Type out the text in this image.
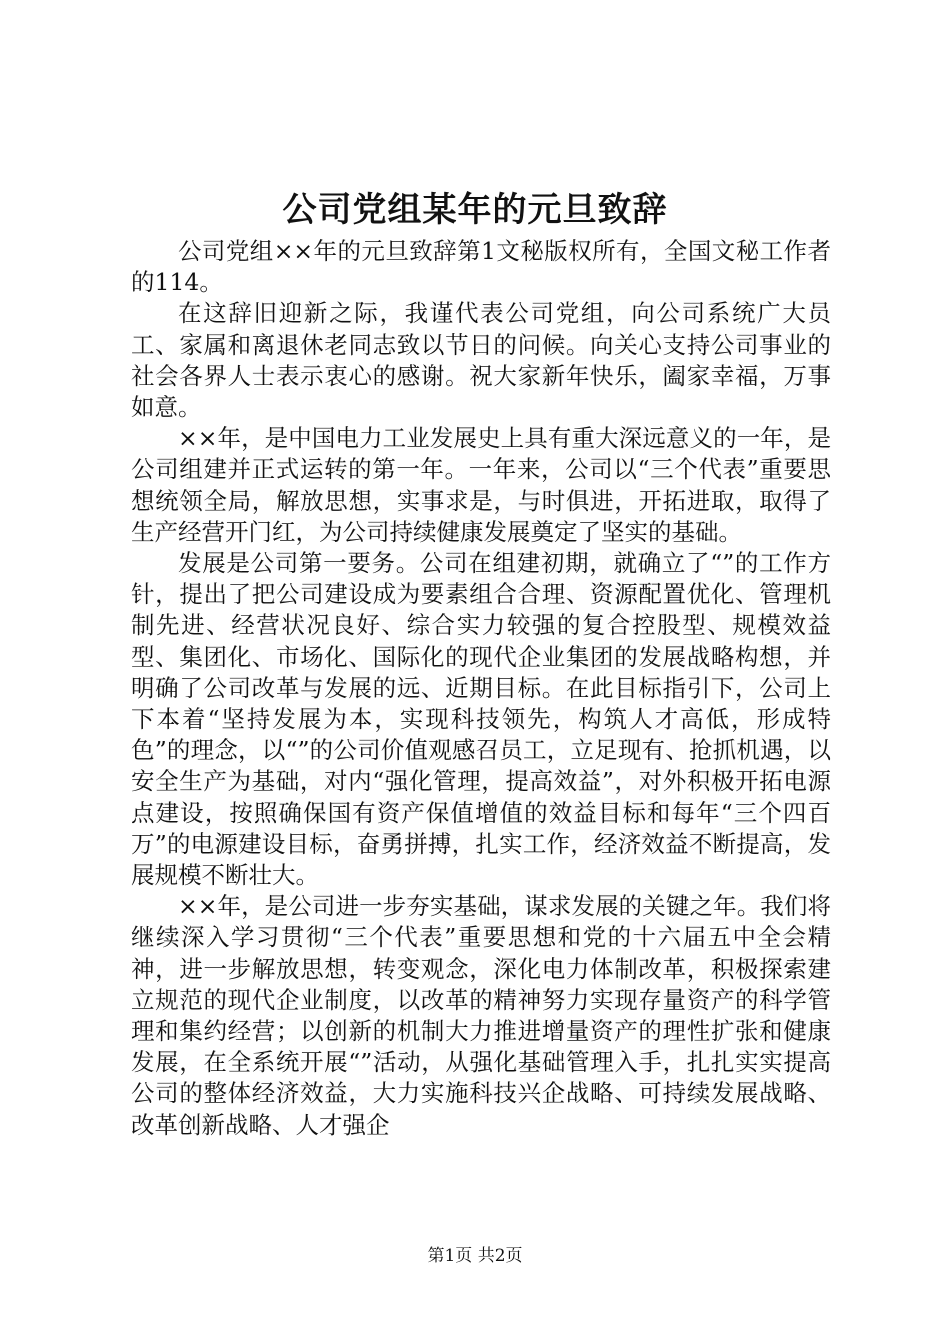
公司党组某年的元旦致辞

公司党组××年的元旦致辞第1文秘版权所有，全国文秘工作者的114。

在这辞旧迎新之际，我谨代表公司党组，向公司系统广大员工、家属和离退休老同志致以节日的问候。向关心支持公司事业的社会各界人士表示衷心的感谢。祝大家新年快乐，阖家幸福，万事如意。

××年，是中国电力工业发展史上具有重大深远意义的一年，是公司组建并正式运转的第一年。一年来，公司以“三个代表”重要思想统领全局，解放思想，实事求是，与时俱进，开拓进取，取得了生产经营开门红，为公司持续健康发展奠定了坚实的基础。

发展是公司第一要务。公司在组建初期，就确立了“”的工作方针，提出了把公司建设成为要素组合合理、资源配置优化、管理机制先进、经营状况良好、综合实力较强的复合控股型、规模效益型、集团化、市场化、国际化的现代企业集团的发展战略构想，并明确了公司改革与发展的远、近期目标。在此目标指引下，公司上下本着“坚持发展为本，实现科技领先，构筑人才高低，形成特色”的理念，以“”的公司价值观感召员工，立足现有、抢抓机遇，以安全生产为基础，对内“强化管理，提高效益”，对外积极开拓电源点建设，按照确保国有资产保值增值的效益目标和每年“三个四百万”的电源建设目标，奋勇拼搏，扎实工作，经济效益不断提高，发展规模不断壮大。

××年，是公司进一步夯实基础，谋求发展的关键之年。我们将继续深入学习贯彻“三个代表”重要思想和党的十六届五中全会精神，进一步解放思想，转变观念，深化电力体制改革，积极探索建立规范的现代企业制度，以改革的精神努力实现存量资产的科学管理和集约经营；以创新的机制大力推进增量资产的理性扩张和健康发展，在全系统开展“”活动，从强化基础管理入手，扎扎实实提高公司的整体经济效益，大力实施科技兴企战略、可持续发展战略、改革创新战略、人才强企

第1页 共2页
